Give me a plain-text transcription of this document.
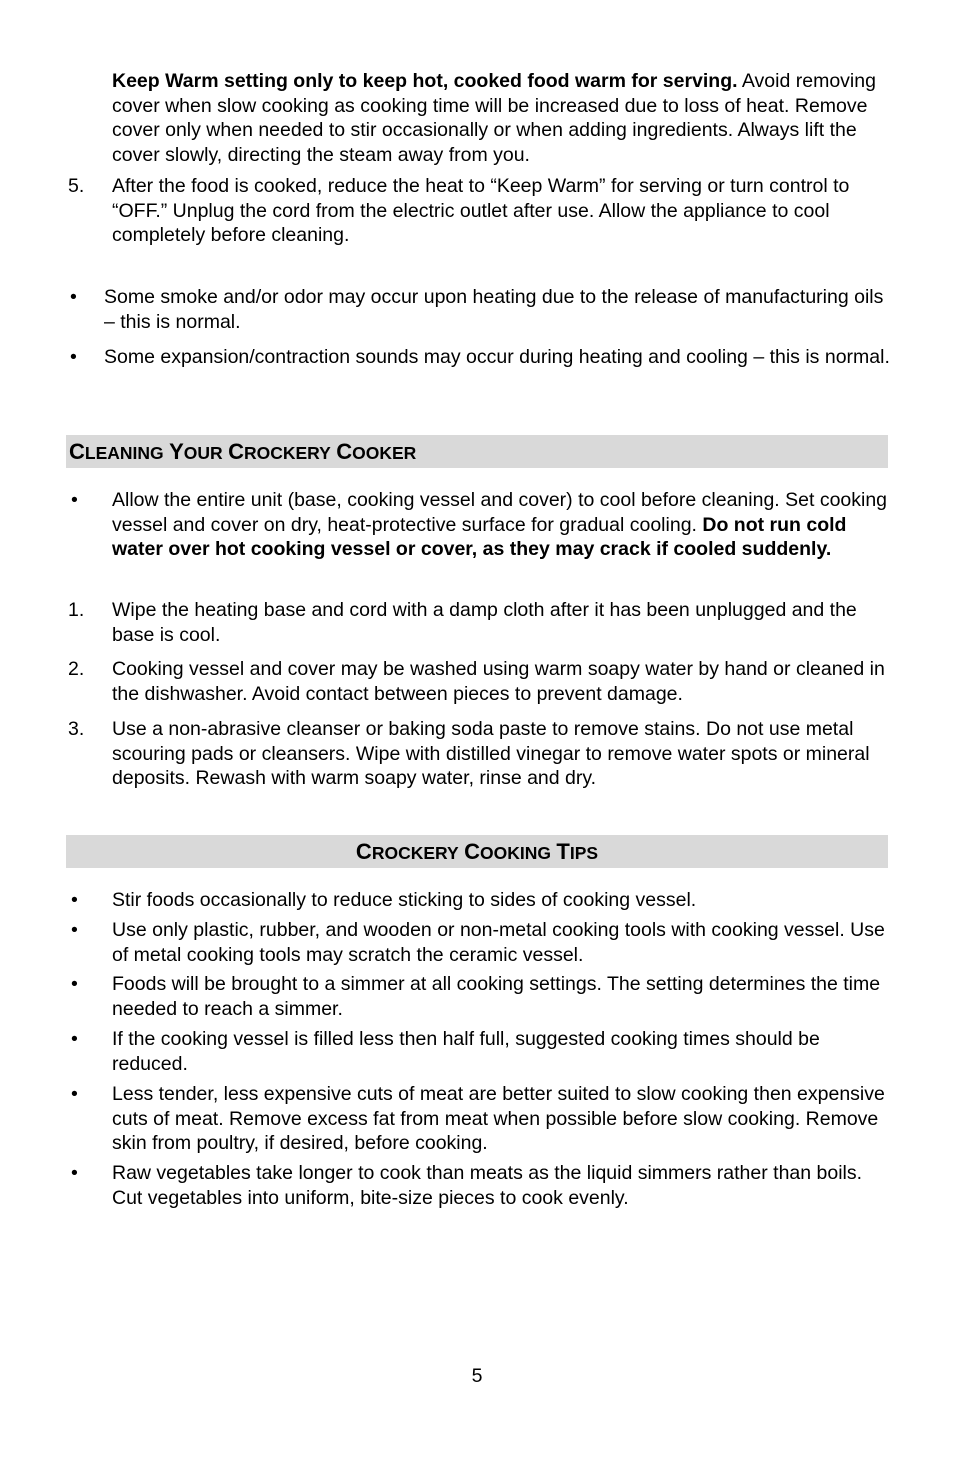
Keep Warm setting only to keep hot, cooked food warm for serving. Avoid removing cover when slow cooking as cooking time will be increased due to loss of heat. Remove cover only when needed to stir occasionally or when adding ingredients. Always lift the cover slowly, directing the steam away from you.
5. After the food is cooked, reduce the heat to “Keep Warm” for serving or turn control to “OFF.” Unplug the cord from the electric outlet after use. Allow the appliance to cool completely before cleaning.
• Some smoke and/or odor may occur upon heating due to the release of manufacturing oils – this is normal.
• Some expansion/contraction sounds may occur during heating and cooling – this is normal.
CLEANING YOUR CROCKERY COOKER
• Allow the entire unit (base, cooking vessel and cover) to cool before cleaning. Set cooking vessel and cover on dry, heat-protective surface for gradual cooling. Do not run cold water over hot cooking vessel or cover, as they may crack if cooled suddenly.
1. Wipe the heating base and cord with a damp cloth after it has been unplugged and the base is cool.
2. Cooking vessel and cover may be washed using warm soapy water by hand or cleaned in the dishwasher. Avoid contact between pieces to prevent damage.
3. Use a non-abrasive cleanser or baking soda paste to remove stains. Do not use metal scouring pads or cleansers. Wipe with distilled vinegar to remove water spots or mineral deposits. Rewash with warm soapy water, rinse and dry.
CROCKERY COOKING TIPS
• Stir foods occasionally to reduce sticking to sides of cooking vessel.
• Use only plastic, rubber, and wooden or non-metal cooking tools with cooking vessel. Use of metal cooking tools may scratch the ceramic vessel.
• Foods will be brought to a simmer at all cooking settings. The setting determines the time needed to reach a simmer.
• If the cooking vessel is filled less then half full, suggested cooking times should be reduced.
• Less tender, less expensive cuts of meat are better suited to slow cooking then expensive cuts of meat. Remove excess fat from meat when possible before slow cooking. Remove skin from poultry, if desired, before cooking.
• Raw vegetables take longer to cook than meats as the liquid simmers rather than boils. Cut vegetables into uniform, bite-size pieces to cook evenly.
5
